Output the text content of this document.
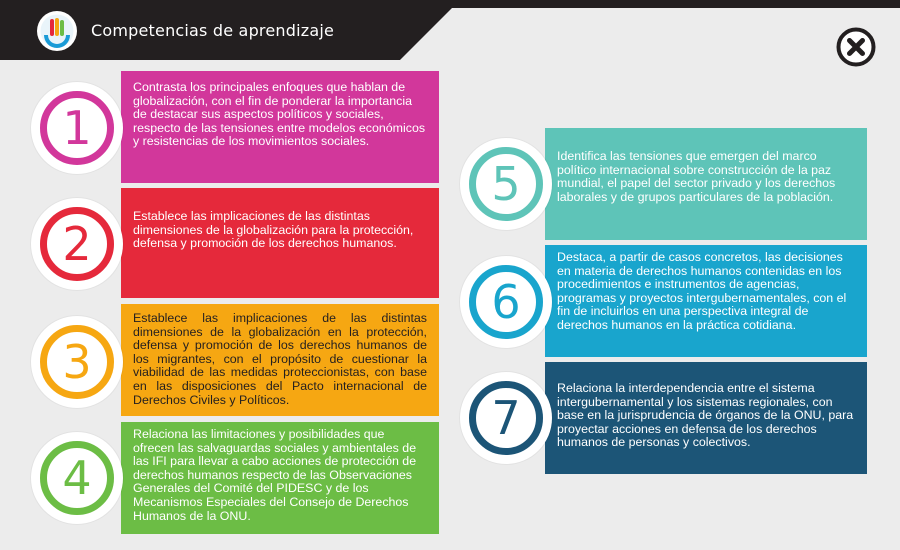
Competencias de aprendizaje
Contrasta los principales enfoques que hablan de globalización, con el fin de ponderar la importancia de destacar sus aspectos políticos y sociales, respecto de las tensiones entre modelos económicos y resistencias de los movimientos sociales.
1
Establece las implicaciones de las distintas dimensiones de la globalización para la protección, defensa y promoción de los derechos humanos.
2
Establece las implicaciones de las distintas dimensiones de la globalización en la protección, defensa y promoción de los derechos humanos de los migrantes, con el propósito de cuestionar la viabilidad de las medidas proteccionistas, con base en las disposiciones del Pacto internacional de Derechos Civiles y Políticos.
3
Relaciona las limitaciones y posibilidades que ofrecen las salvaguardas sociales y ambientales de las IFI para llevar a cabo acciones de protección de derechos humanos respecto de las Observaciones Generales del Comité del PIDESC y de los Mecanismos Especiales del Consejo de Derechos Humanos de la ONU.
4
Identifica las tensiones que emergen del marco político internacional sobre construcción de la paz mundial, el papel del sector privado y los derechos laborales y de grupos particulares de la población.
5
Destaca, a partir de casos concretos, las decisiones en materia de derechos humanos contenidas en los procedimientos e instrumentos de agencias, programas y proyectos intergubernamentales, con el fin de incluirlos en una perspectiva integral de derechos humanos en la práctica cotidiana.
6
Relaciona la interdependencia entre el sistema intergubernamental y los sistemas regionales, con base en la jurisprudencia de órganos de la ONU, para proyectar acciones en defensa de los derechos humanos de personas y colectivos.
7
